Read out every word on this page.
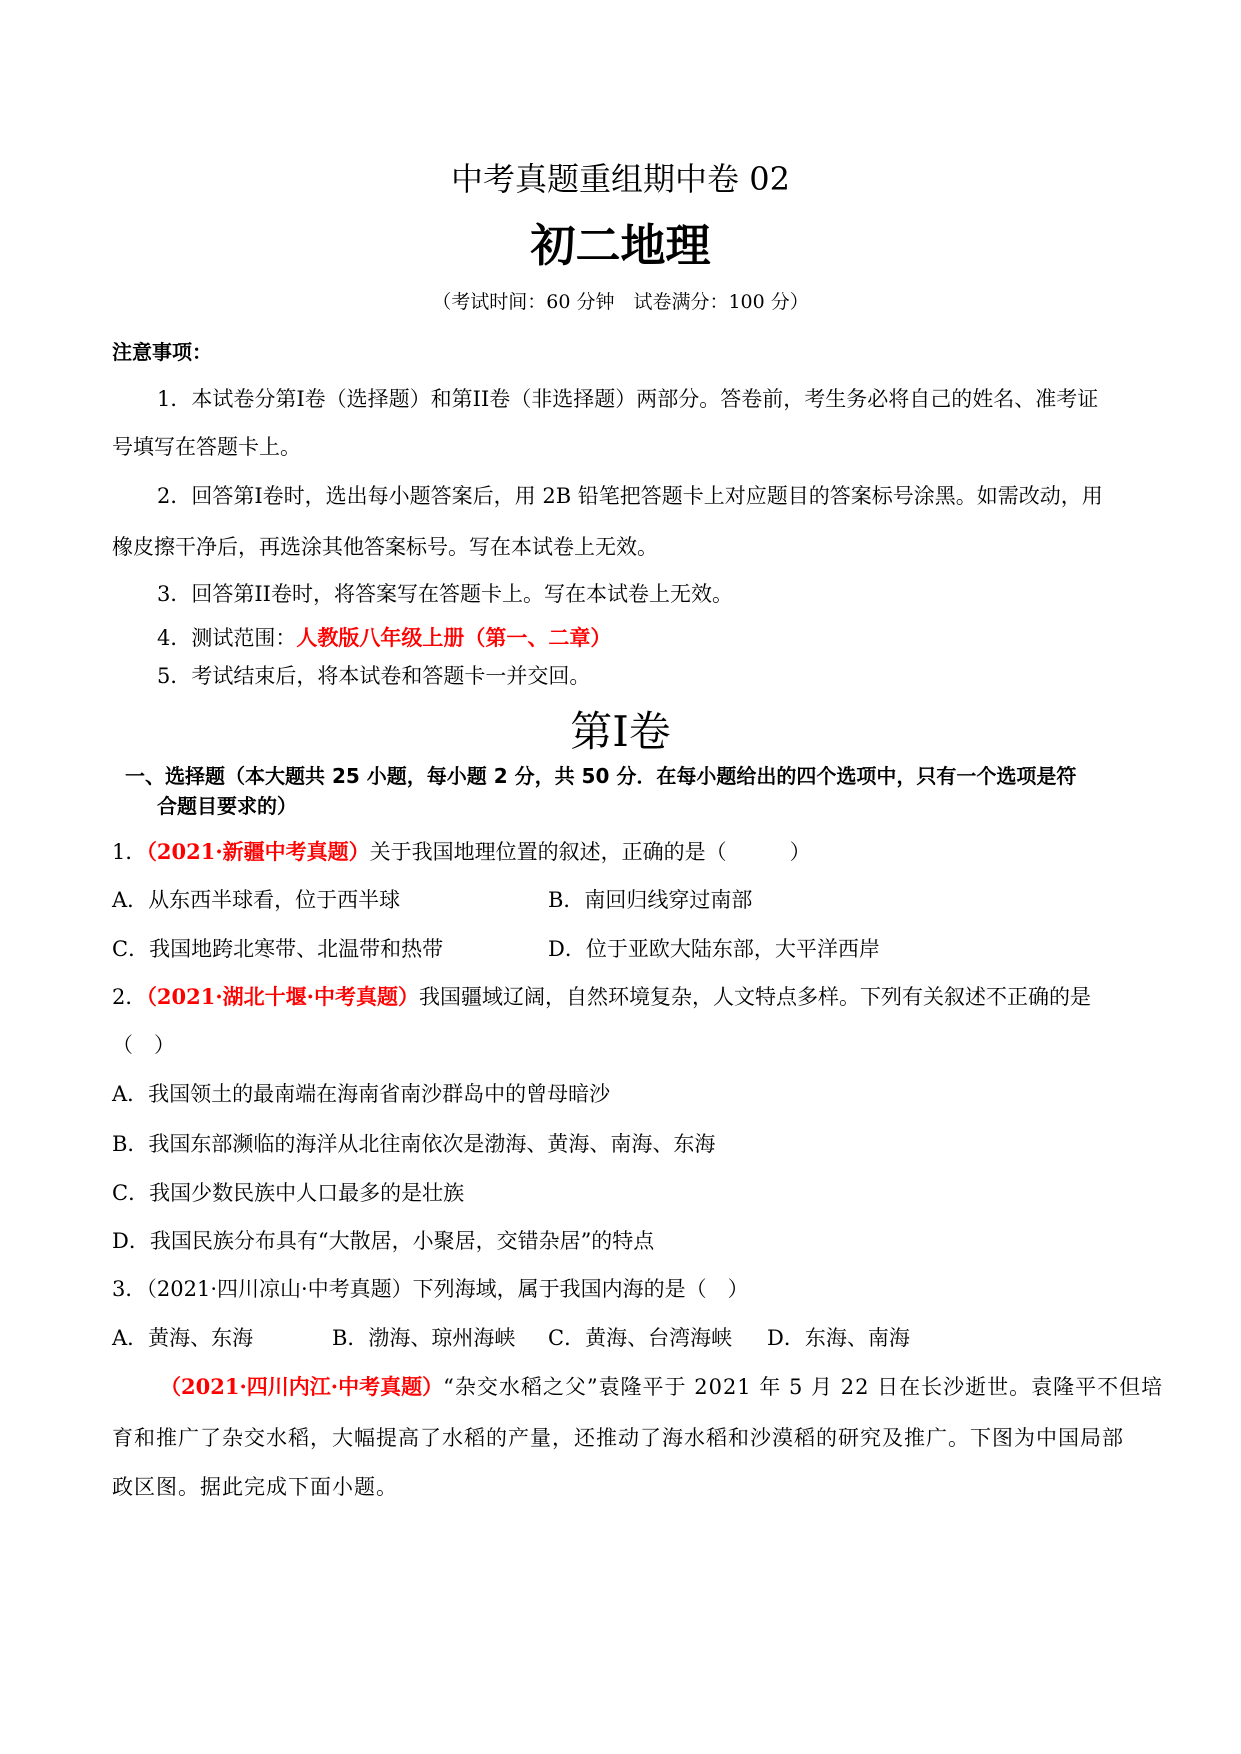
中考真题重组期中卷 02
初二地理
（考试时间：60 分钟　试卷满分：100 分）
注意事项：
1．本试卷分第I卷（选择题）和第II卷（非选择题）两部分。答卷前，考生务必将自己的姓名、准考证
号填写在答题卡上。
2．回答第I卷时，选出每小题答案后，用 2B 铅笔把答题卡上对应题目的答案标号涂黑。如需改动，用
橡皮擦干净后，再选涂其他答案标号。写在本试卷上无效。
3．回答第II卷时，将答案写在答题卡上。写在本试卷上无效。
4．测试范围：人教版八年级上册（第一、二章）
5．考试结束后，将本试卷和答题卡一并交回。
第I卷
一、选择题（本大题共 25 小题，每小题 2 分，共 50 分．在每小题给出的四个选项中，只有一个选项是符
合题目要求的）
1．（2021·新疆中考真题）关于我国地理位置的叙述，正确的是（　　　）
A．从东西半球看，位于西半球	B．南回归线穿过南部
C．我国地跨北寒带、北温带和热带	D．位于亚欧大陆东部，大平洋西岸
2．（2021·湖北十堰·中考真题）我国疆域辽阔，自然环境复杂，人文特点多样。下列有关叙述不正确的是
（　）
A．我国领土的最南端在海南省南沙群岛中的曾母暗沙
B．我国东部濒临的海洋从北往南依次是渤海、黄海、南海、东海
C．我国少数民族中人口最多的是壮族
D．我国民族分布具有“大散居，小聚居，交错杂居”的特点
3．（2021·四川凉山·中考真题）下列海域，属于我国内海的是（　）
A．黄海、东海	B．渤海、琼州海峡 C．黄海、台湾海峡 D．东海、南海
（2021·四川内江·中考真题）“杂交水稻之父”袁隆平于 2021 年 5 月 22 日在长沙逝世。袁隆平不但培
育和推广了杂交水稻，大幅提高了水稻的产量，还推动了海水稻和沙漠稻的研究及推广。下图为中国局部
政区图。据此完成下面小题。
